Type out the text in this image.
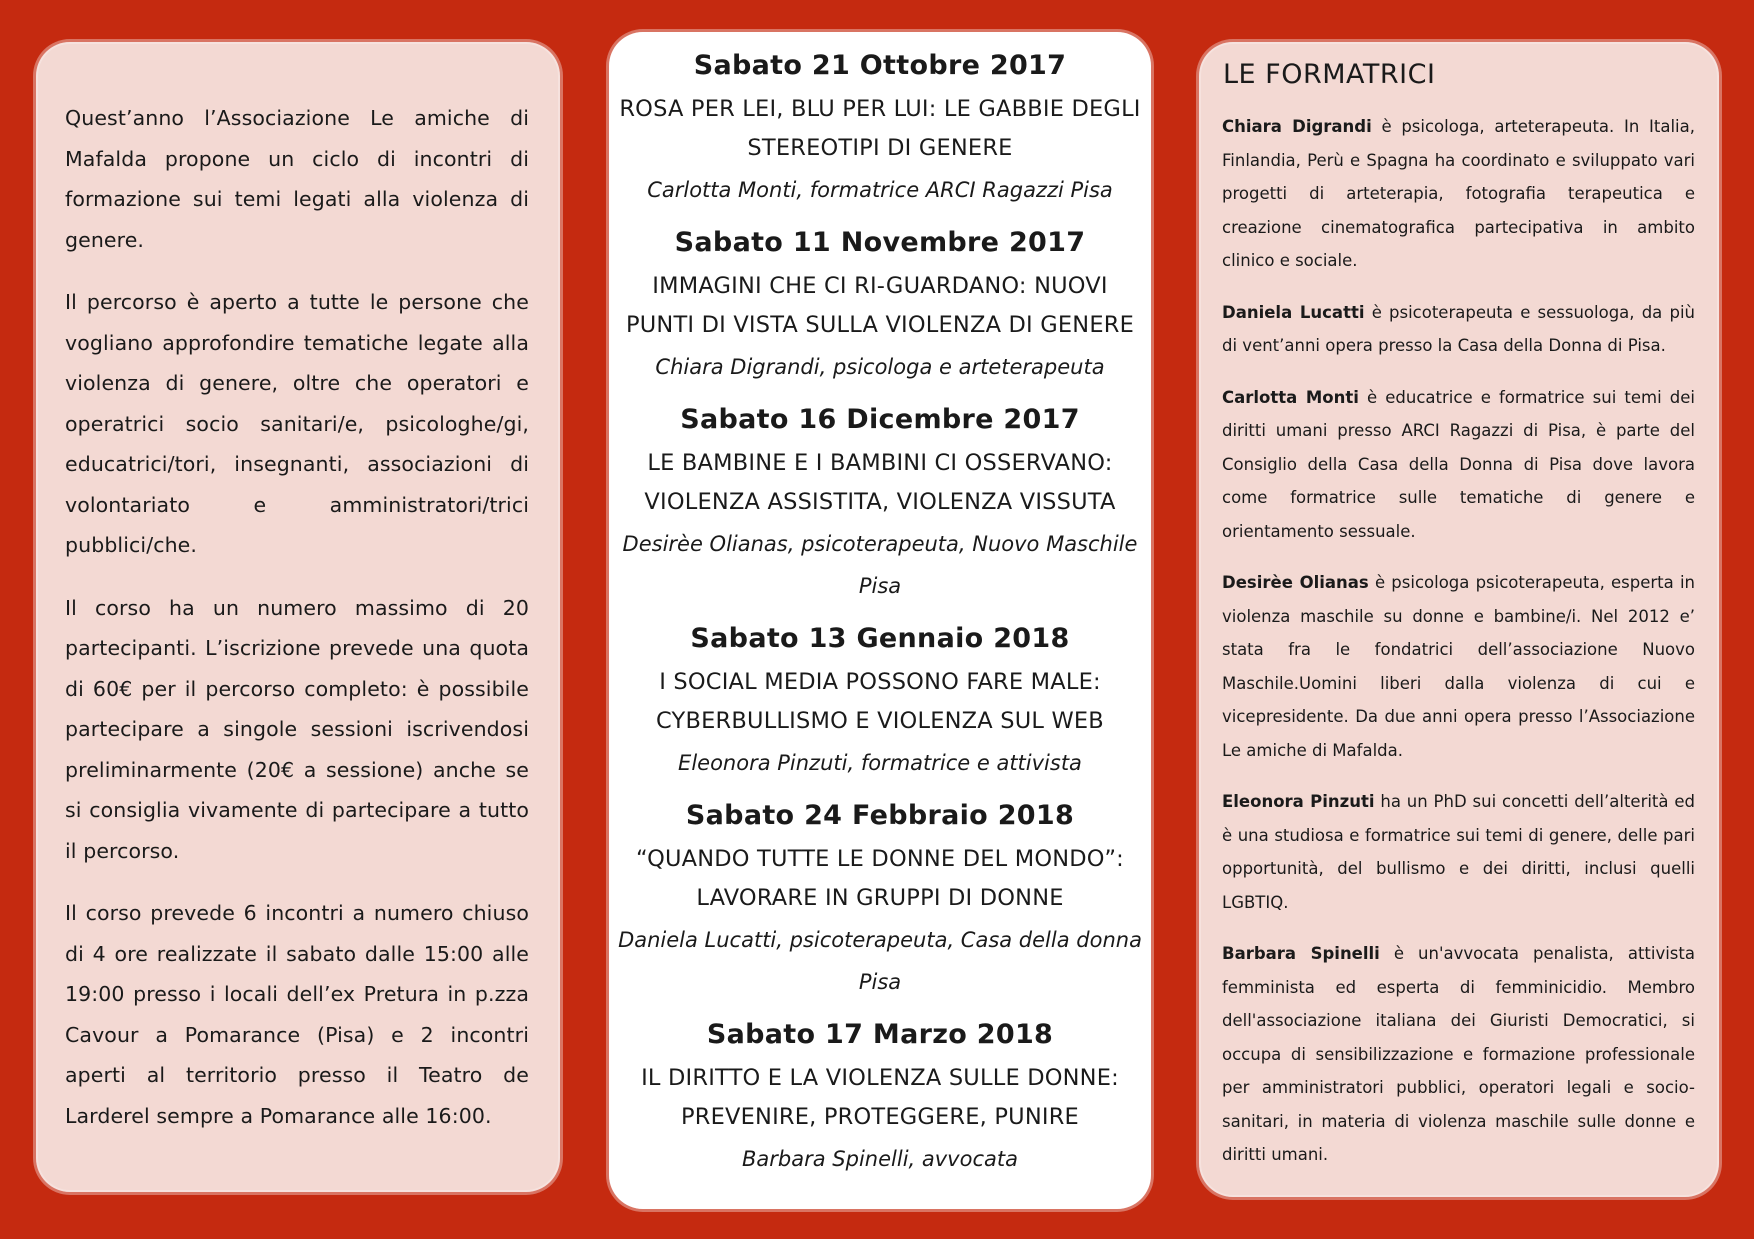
Quest’anno l’Associazione Le amiche di Mafalda propone un ciclo di incontri di formazione sui temi legati alla violenza di genere.

Il percorso è aperto a tutte le persone che vogliano approfondire tematiche legate alla violenza di genere, oltre che operatori e operatrici socio sanitari/e, psicologhe/gi, educatrici/tori, insegnanti, associazioni di volontariato e amministratori/trici pubblici/che.

Il corso ha un numero massimo di 20 partecipanti. L’iscrizione prevede una quota di 60€ per il percorso completo: è possibile partecipare a singole sessioni iscrivendosi preliminarmente (20€ a sessione) anche se si consiglia vivamente di partecipare a tutto il percorso.

Il corso prevede 6 incontri a numero chiuso di 4 ore realizzate il sabato dalle 15:00 alle 19:00 presso i locali dell’ex Pretura in p.zza Cavour a Pomarance (Pisa) e 2 incontri aperti al territorio presso il Teatro de Larderel sempre a Pomarance alle 16:00.

Sabato 21 Ottobre 2017
ROSA PER LEI, BLU PER LUI: LE GABBIE DEGLI
STEREOTIPI DI GENERE
Carlotta Monti, formatrice ARCI Ragazzi Pisa
Sabato 11 Novembre 2017
IMMAGINI CHE CI RI-GUARDANO: NUOVI
PUNTI DI VISTA SULLA VIOLENZA DI GENERE
Chiara Digrandi, psicologa e arteterapeuta
Sabato 16 Dicembre 2017
LE BAMBINE E I BAMBINI CI OSSERVANO:
VIOLENZA ASSISTITA, VIOLENZA VISSUTA
Desirèe Olianas, psicoterapeuta, Nuovo Maschile Pisa
Sabato 13 Gennaio 2018
I SOCIAL MEDIA POSSONO FARE MALE:
CYBERBULLISMO E VIOLENZA SUL WEB
Eleonora Pinzuti, formatrice e attivista
Sabato 24 Febbraio 2018
“QUANDO TUTTE LE DONNE DEL MONDO”:
LAVORARE IN GRUPPI DI DONNE
Daniela Lucatti, psicoterapeuta, Casa della donna Pisa
Sabato 17 Marzo 2018
IL DIRITTO E LA VIOLENZA SULLE DONNE:
PREVENIRE, PROTEGGERE, PUNIRE
Barbara Spinelli, avvocata
LE FORMATRICI

Chiara Digrandi è psicologa, arteterapeuta. In Italia, Finlandia, Perù e Spagna ha coordinato e sviluppato vari progetti di arteterapia, fotografia terapeutica e creazione cinematografica partecipativa in ambito clinico e sociale.

Daniela Lucatti è psicoterapeuta e sessuologa, da più di vent’anni opera presso la Casa della Donna di Pisa.

Carlotta Monti è educatrice e formatrice sui temi dei diritti umani presso ARCI Ragazzi di Pisa, è parte del Consiglio della Casa della Donna di Pisa dove lavora come formatrice sulle tematiche di genere e orientamento sessuale.

Desirèe Olianas è psicologa psicoterapeuta, esperta in violenza maschile su donne e bambine/i. Nel 2012 e’ stata fra le fondatrici dell’associazione Nuovo Maschile.Uomini liberi dalla violenza di cui e vicepresidente. Da due anni opera presso l’Associazione Le amiche di Mafalda.

Eleonora Pinzuti ha un PhD sui concetti dell’alterità ed è una studiosa e formatrice sui temi di genere, delle pari opportunità, del bullismo e dei diritti, inclusi quelli LGBTIQ.

Barbara Spinelli è un'avvocata penalista, attivista femminista ed esperta di femminicidio. Membro dell'associazione italiana dei Giuristi Democratici, si occupa di sensibilizzazione e formazione professionale per amministratori pubblici, operatori legali e socio-sanitari, in materia di violenza maschile sulle donne e diritti umani.
